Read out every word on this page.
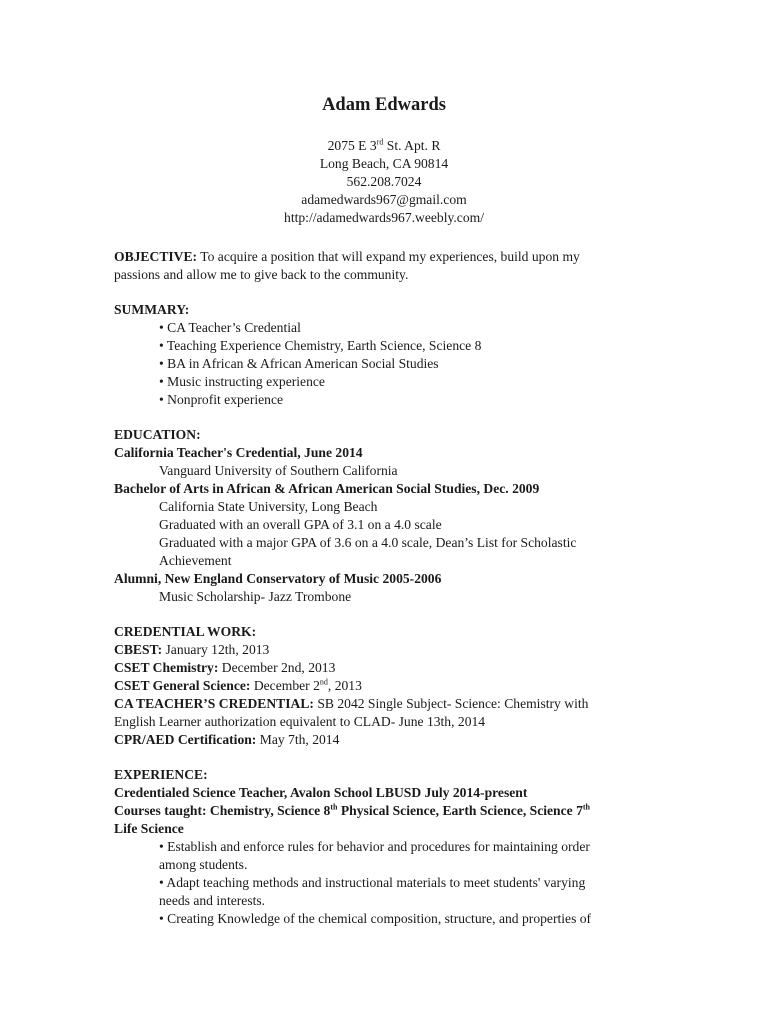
Adam Edwards
2075 E 3rd St. Apt. R
Long Beach, CA 90814
562.208.7024
adamedwards967@gmail.com
http://adamedwards967.weebly.com/
OBJECTIVE: To acquire a position that will expand my experiences, build upon my
passions and allow me to give back to the community.
SUMMARY:
• CA Teacher’s Credential
• Teaching Experience Chemistry, Earth Science, Science 8
• BA in African & African American Social Studies
• Music instructing experience
• Nonprofit experience
EDUCATION:
California Teacher's Credential, June 2014
Vanguard University of Southern California
Bachelor of Arts in African & African American Social Studies, Dec. 2009
California State University, Long Beach
Graduated with an overall GPA of 3.1 on a 4.0 scale
Graduated with a major GPA of 3.6 on a 4.0 scale, Dean’s List for Scholastic
Achievement
Alumni, New England Conservatory of Music 2005-2006
Music Scholarship- Jazz Trombone
CREDENTIAL WORK:
CBEST: January 12th, 2013
CSET Chemistry: December 2nd, 2013
CSET General Science: December 2nd, 2013
CA TEACHER’S CREDENTIAL: SB 2042 Single Subject- Science: Chemistry with
English Learner authorization equivalent to CLAD- June 13th, 2014
CPR/AED Certification: May 7th, 2014
EXPERIENCE:
Credentialed Science Teacher, Avalon School LBUSD July 2014-present
Courses taught: Chemistry, Science 8th Physical Science, Earth Science, Science 7th
Life Science
• Establish and enforce rules for behavior and procedures for maintaining order
among students.
• Adapt teaching methods and instructional materials to meet students' varying
needs and interests.
• Creating Knowledge of the chemical composition, structure, and properties of
